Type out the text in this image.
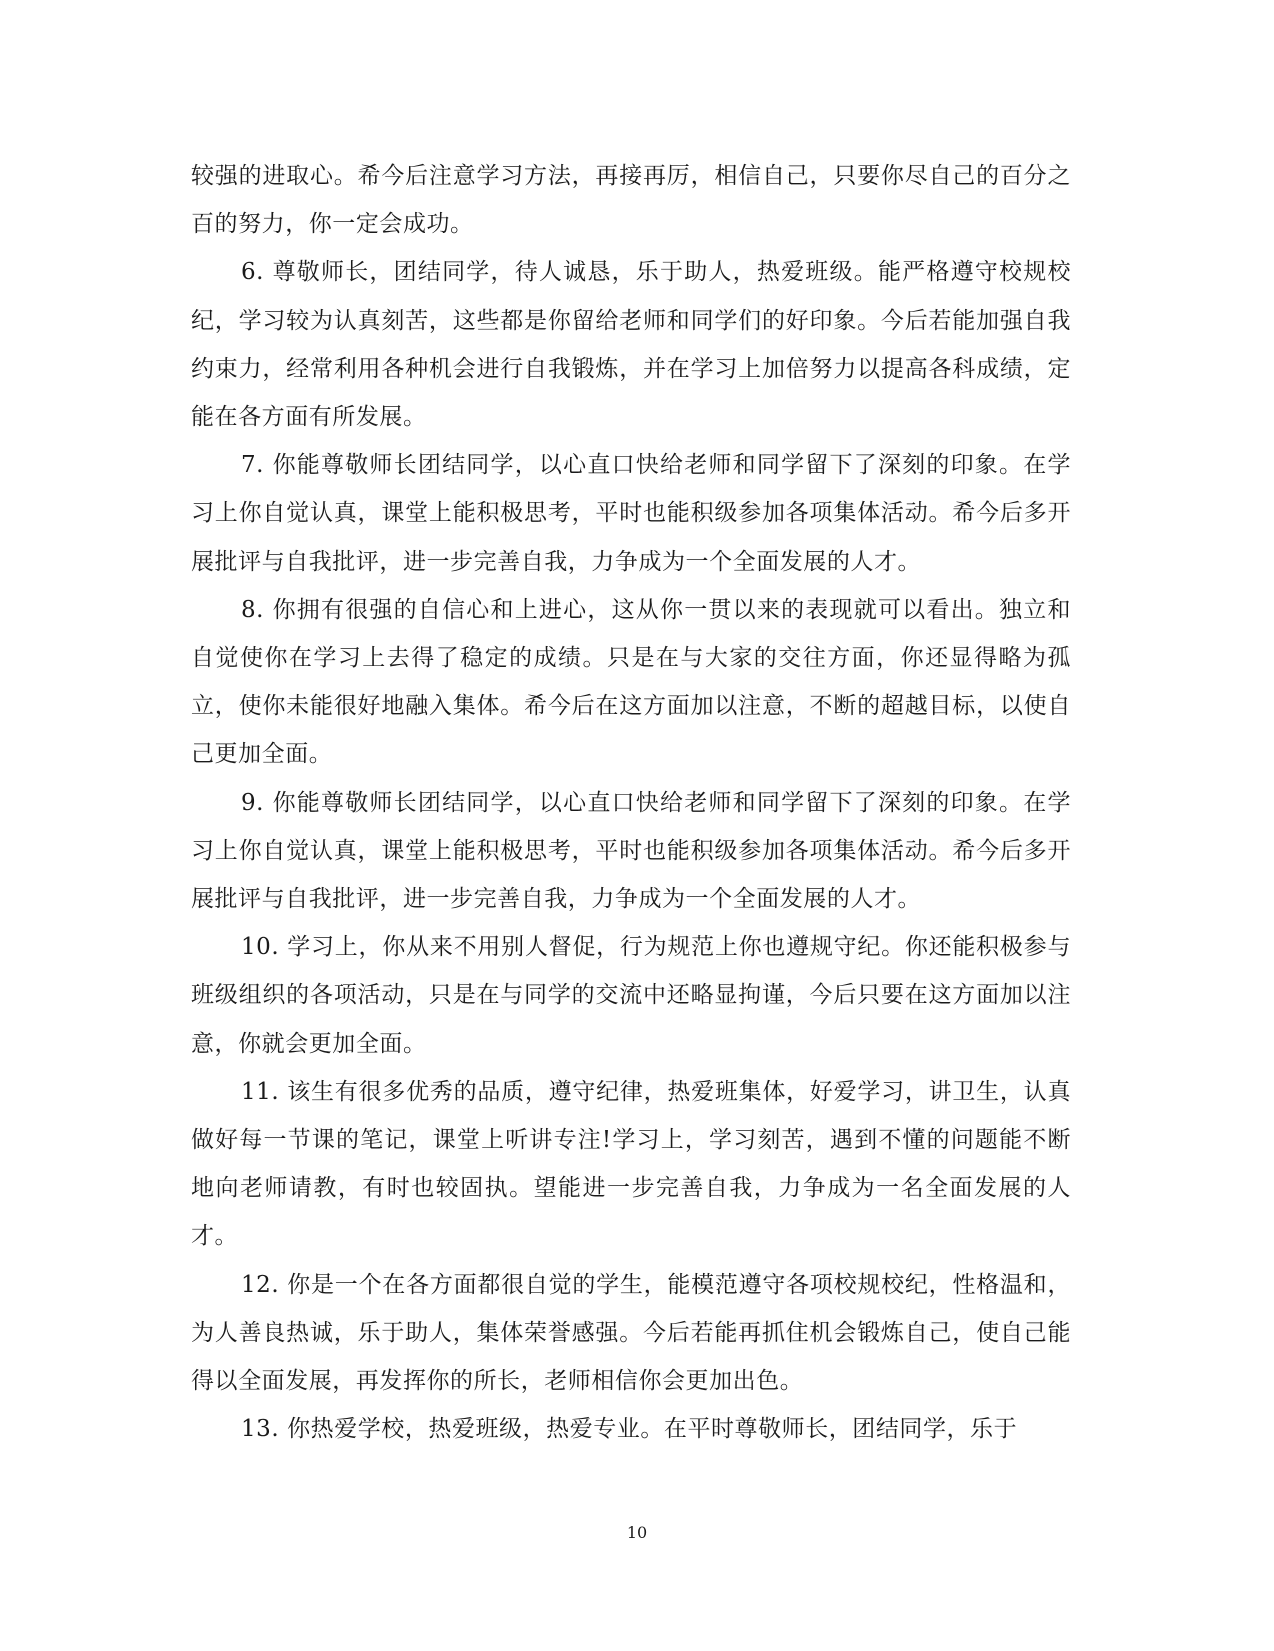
较强的进取心。希今后注意学习方法，再接再厉，相信自己，只要你尽自己的百分之百的努力，你一定会成功。

6. 尊敬师长，团结同学，待人诚恳，乐于助人，热爱班级。能严格遵守校规校纪，学习较为认真刻苦，这些都是你留给老师和同学们的好印象。今后若能加强自我约束力，经常利用各种机会进行自我锻炼，并在学习上加倍努力以提高各科成绩，定能在各方面有所发展。

7. 你能尊敬师长团结同学，以心直口快给老师和同学留下了深刻的印象。在学习上你自觉认真，课堂上能积极思考，平时也能积级参加各项集体活动。希今后多开展批评与自我批评，进一步完善自我，力争成为一个全面发展的人才。

8. 你拥有很强的自信心和上进心，这从你一贯以来的表现就可以看出。独立和自觉使你在学习上去得了稳定的成绩。只是在与大家的交往方面，你还显得略为孤立，使你未能很好地融入集体。希今后在这方面加以注意，不断的超越目标，以使自己更加全面。

9. 你能尊敬师长团结同学，以心直口快给老师和同学留下了深刻的印象。在学习上你自觉认真，课堂上能积极思考，平时也能积级参加各项集体活动。希今后多开展批评与自我批评，进一步完善自我，力争成为一个全面发展的人才。

10. 学习上，你从来不用别人督促，行为规范上你也遵规守纪。你还能积极参与班级组织的各项活动，只是在与同学的交流中还略显拘谨，今后只要在这方面加以注意，你就会更加全面。

11. 该生有很多优秀的品质，遵守纪律，热爱班集体，好爱学习，讲卫生，认真做好每一节课的笔记，课堂上听讲专注!学习上，学习刻苦，遇到不懂的问题能不断地向老师请教，有时也较固执。望能进一步完善自我，力争成为一名全面发展的人才。

12. 你是一个在各方面都很自觉的学生，能模范遵守各项校规校纪，性格温和，为人善良热诚，乐于助人，集体荣誉感强。今后若能再抓住机会锻炼自己，使自己能得以全面发展，再发挥你的所长，老师相信你会更加出色。

13. 你热爱学校，热爱班级，热爱专业。在平时尊敬师长，团结同学，乐于

10
